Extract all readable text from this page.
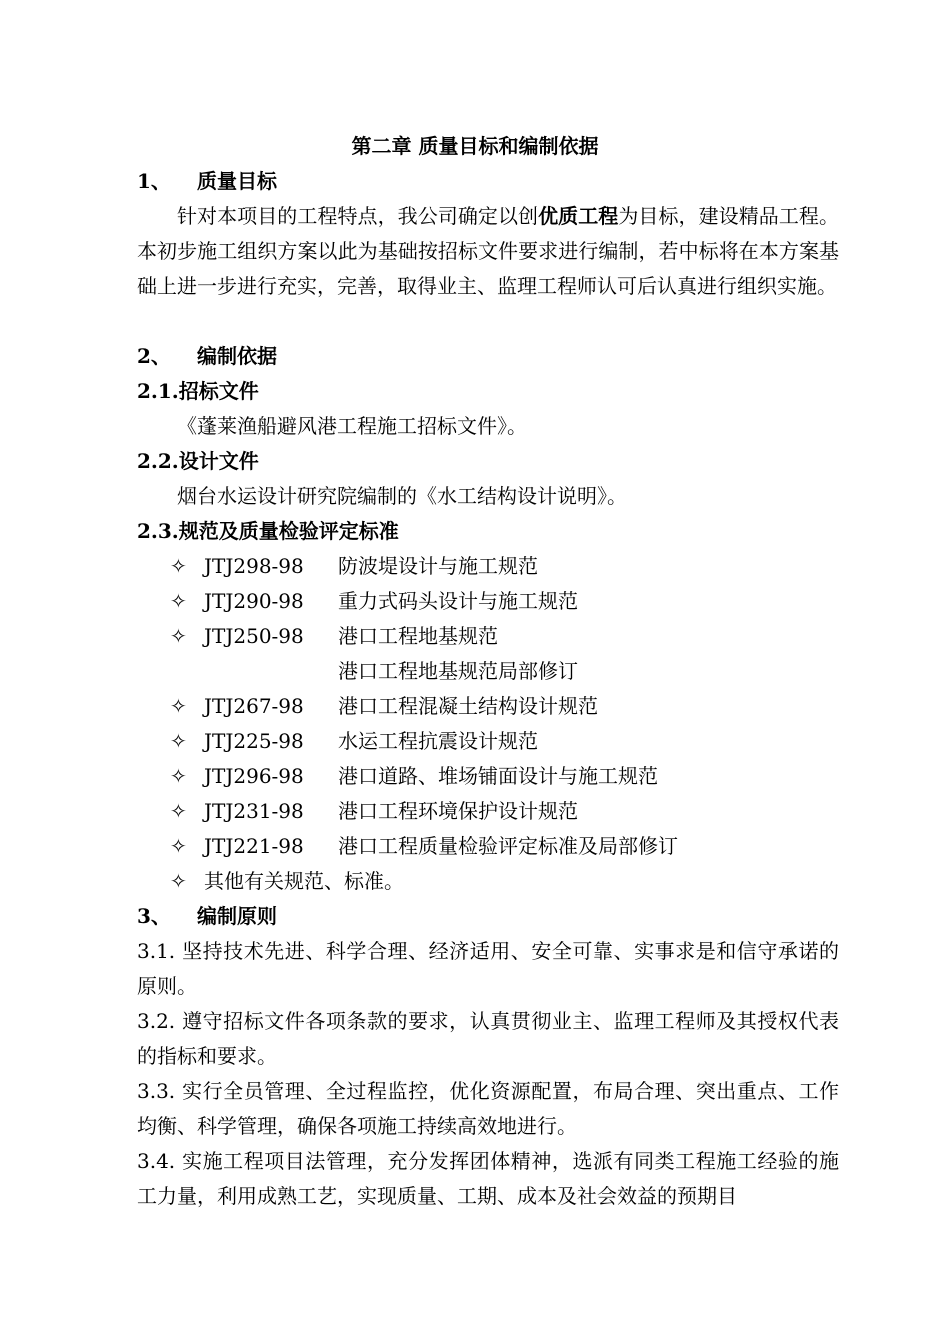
第二章 质量目标和编制依据
1、 质量目标
针对本项目的工程特点，我公司确定以创优质工程为目标，建设精品工程。本初步施工组织方案以此为基础按招标文件要求进行编制，若中标将在本方案基础上进一步进行充实，完善，取得业主、监理工程师认可后认真进行组织实施。
2、 编制依据
2.1.招标文件
《蓬莱渔船避风港工程施工招标文件》。
2.2.设计文件
烟台水运设计研究院编制的《水工结构设计说明》。
2.3.规范及质量检验评定标准
✧ JTJ298-98 防波堤设计与施工规范
✧ JTJ290-98 重力式码头设计与施工规范
✧ JTJ250-98 港口工程地基规范
港口工程地基规范局部修订
✧ JTJ267-98 港口工程混凝土结构设计规范
✧ JTJ225-98 水运工程抗震设计规范
✧ JTJ296-98 港口道路、堆场铺面设计与施工规范
✧ JTJ231-98 港口工程环境保护设计规范
✧ JTJ221-98 港口工程质量检验评定标准及局部修订
✧ 其他有关规范、标准。
3、 编制原则
3.1. 坚持技术先进、科学合理、经济适用、安全可靠、实事求是和信守承诺的原则。
3.2. 遵守招标文件各项条款的要求，认真贯彻业主、监理工程师及其授权代表的指标和要求。
3.3. 实行全员管理、全过程监控，优化资源配置，布局合理、突出重点、工作均衡、科学管理，确保各项施工持续高效地进行。
3.4. 实施工程项目法管理，充分发挥团体精神，选派有同类工程施工经验的施工力量，利用成熟工艺，实现质量、工期、成本及社会效益的预期目
